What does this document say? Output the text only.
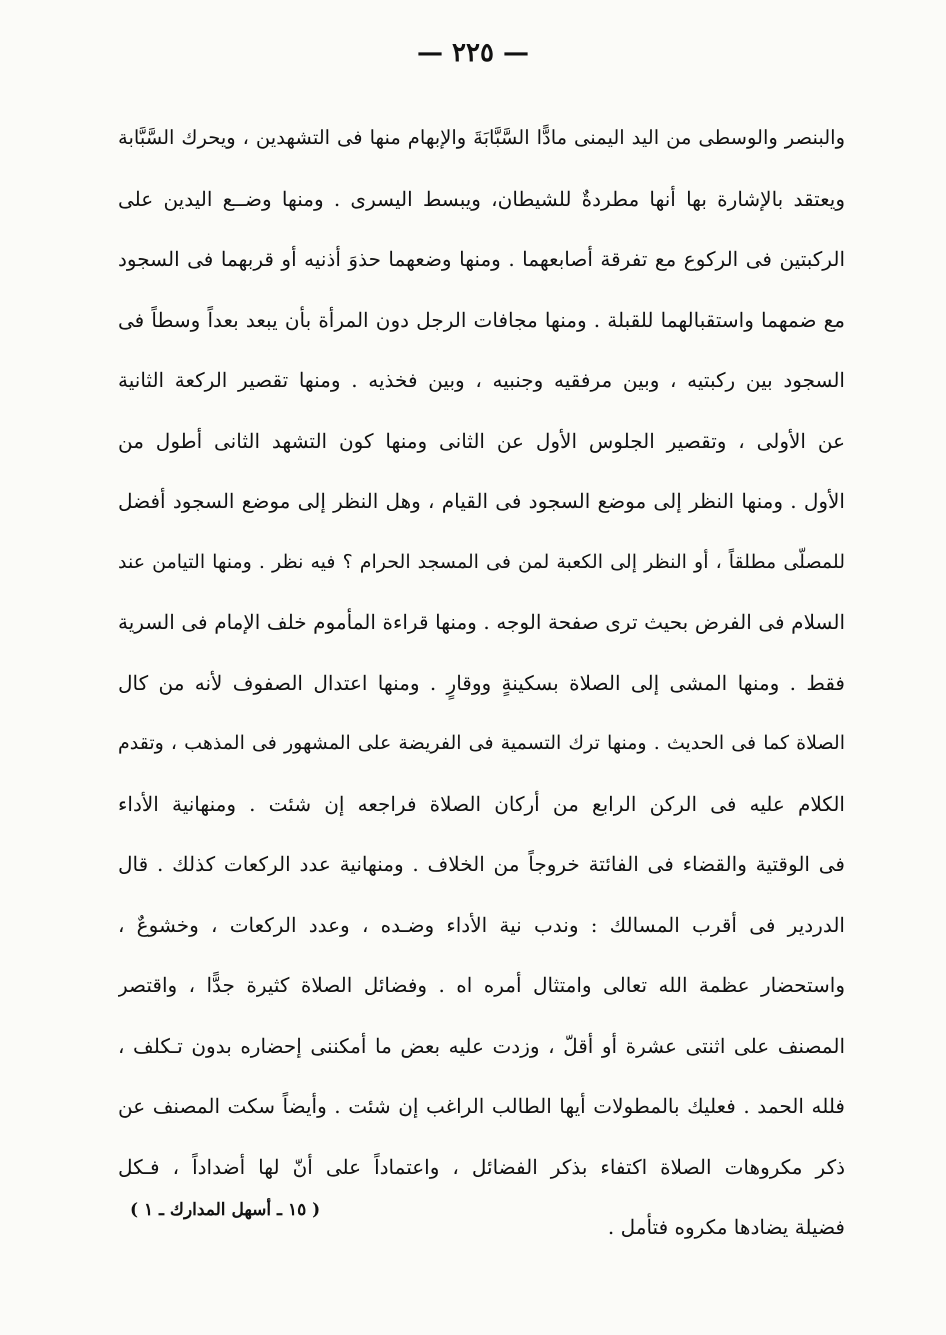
— ٢٢٥ —
والبنصر والوسطى من اليد اليمنى مادًّا السَّبَّابَةَ والإبهام منها فى التشهدين ، ويحرك السَّبَّابة
ويعتقد بالإشارة بها أنها مطردةٌ للشيطان، ويبسط اليسرى . ومنها وضــع اليدين على
الركبتين فى الركوع مع تفرقة أصابعهما . ومنها وضعهما حذوَ أذنيه أو قربهما فى السجود
مع ضمهما واستقبالهما للقبلة . ومنها مجافات الرجل دون المرأة بأن يبعد بعداً وسطاً فى
السجود بين ركبتيه ، وبين مرفقيه وجنبيه ، وبين فخذيه . ومنها تقصير الركعة الثانية
عن الأولى ، وتقصير الجلوس الأول عن الثانى ومنها كون التشهد الثانى أطول من
الأول . ومنها النظر إلى موضع السجود فى القيام ، وهل النظر إلى موضع السجود أفضل
للمصلّى مطلقاً ، أو النظر إلى الكعبة لمن فى المسجد الحرام ؟ فيه نظر . ومنها التيامن عند
السلام فى الفرض بحيث ترى صفحة الوجه . ومنها قراءة المأموم خلف الإمام فى السرية
فقط . ومنها المشى إلى الصلاة بسكينةٍ ووقارٍ . ومنها اعتدال الصفوف لأنه من كال
الصلاة كما فى الحديث . ومنها ترك التسمية فى الفريضة على المشهور فى المذهب ، وتقدم
الكلام عليه فى الركن الرابع من أركان الصلاة فراجعه إن شئت . ومنهانية الأداء
فى الوقتية والقضاء فى الفائتة خروجاً من الخلاف . ومنهانية عدد الركعات كذلك . قال
الدردير فى أقرب المسالك : وندب نية الأداء وضـده ، وعدد الركعات ، وخشوعٌ ،
واستحضار عظمة الله تعالى وامتثال أمره اه . وفضائل الصلاة كثيرة جدًّا ، واقتصر
المصنف على اثنتى عشرة أو أقلّ ، وزدت عليه بعض ما أمكننى إحضاره بدون تـكلف ،
فلله الحمد . فعليك بالمطولات أيها الطالب الراغب إن شئت . وأيضاً سكت المصنف عن
ذكر مكروهات الصلاة اكتفاء بذكر الفضائل ، واعتماداً على أنّ لها أضداداً ، فـكل
فضيلة يضادها مكروه فتأمل .
( ١٥ ـ أسهل المدارك ـ ١ )
